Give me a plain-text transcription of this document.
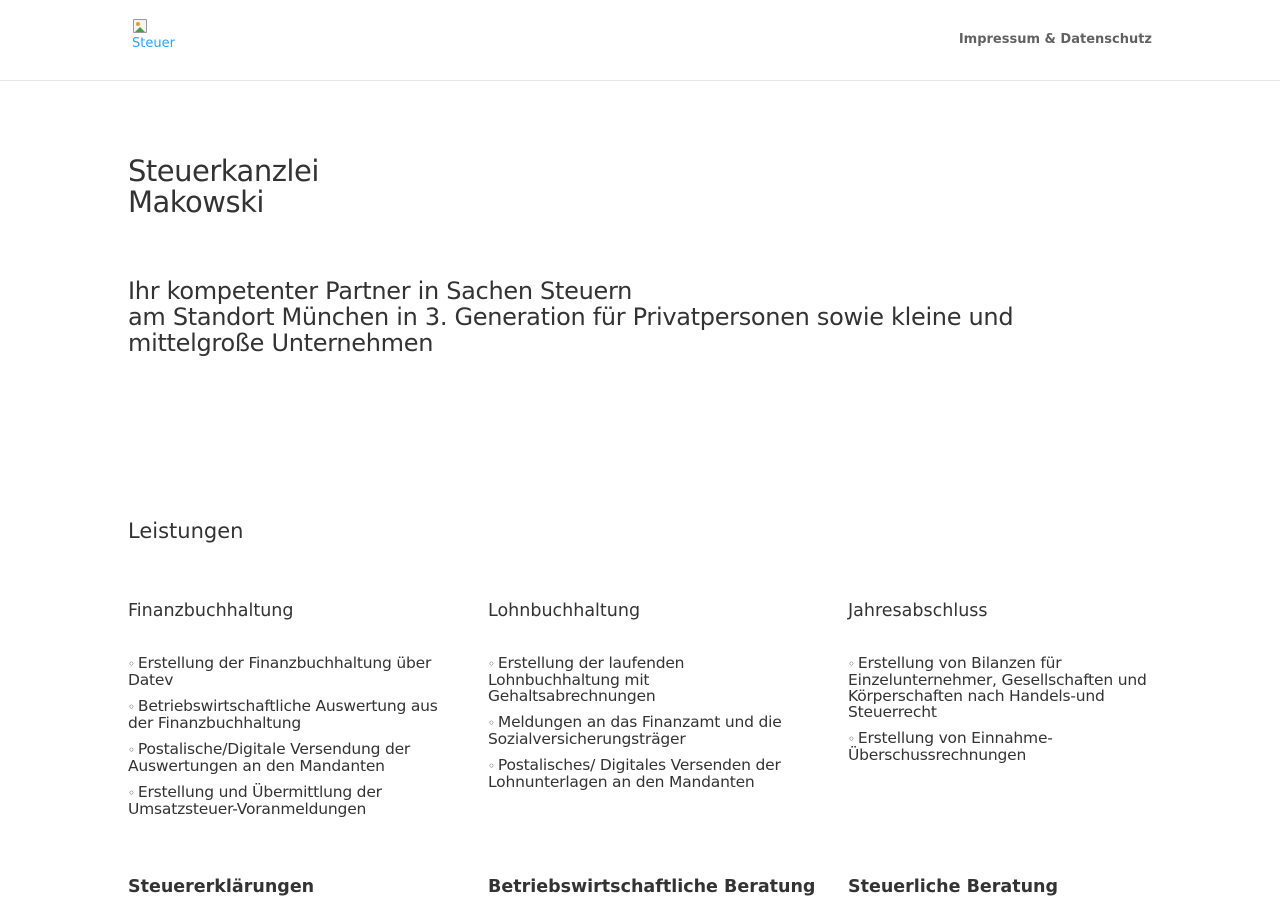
Steuer	Impressum & Datenschutz
Steuerkanzlei
Makowski
Ihr kompetenter Partner in Sachen Steuern
am Standort München in 3. Generation für Privatpersonen sowie kleine und mittelgroße Unternehmen
Leistungen
Finanzbuchhaltung
◦ Erstellung der Finanzbuchhaltung über Datev
◦ Betriebswirtschaftliche Auswertung aus der Finanzbuchhaltung
◦ Postalische/Digitale Versendung der Auswertungen an den Mandanten
◦ Erstellung und Übermittlung der Umsatzsteuer-Voranmeldungen
Lohnbuchhaltung
◦ Erstellung der laufenden Lohnbuchhaltung mit Gehaltsabrechnungen
◦ Meldungen an das Finanzamt und die Sozialversicherungsträger
◦ Postalisches/ Digitales Versenden der Lohnunterlagen an den Mandanten
Jahresabschluss
◦ Erstellung von Bilanzen für Einzelunternehmer, Gesellschaften und Körperschaften nach Handels-und Steuerrecht
◦ Erstellung von Einnahme-Überschussrechnungen
Steuererklärungen	Betriebswirtschaftliche Beratung Steuerliche Beratung
